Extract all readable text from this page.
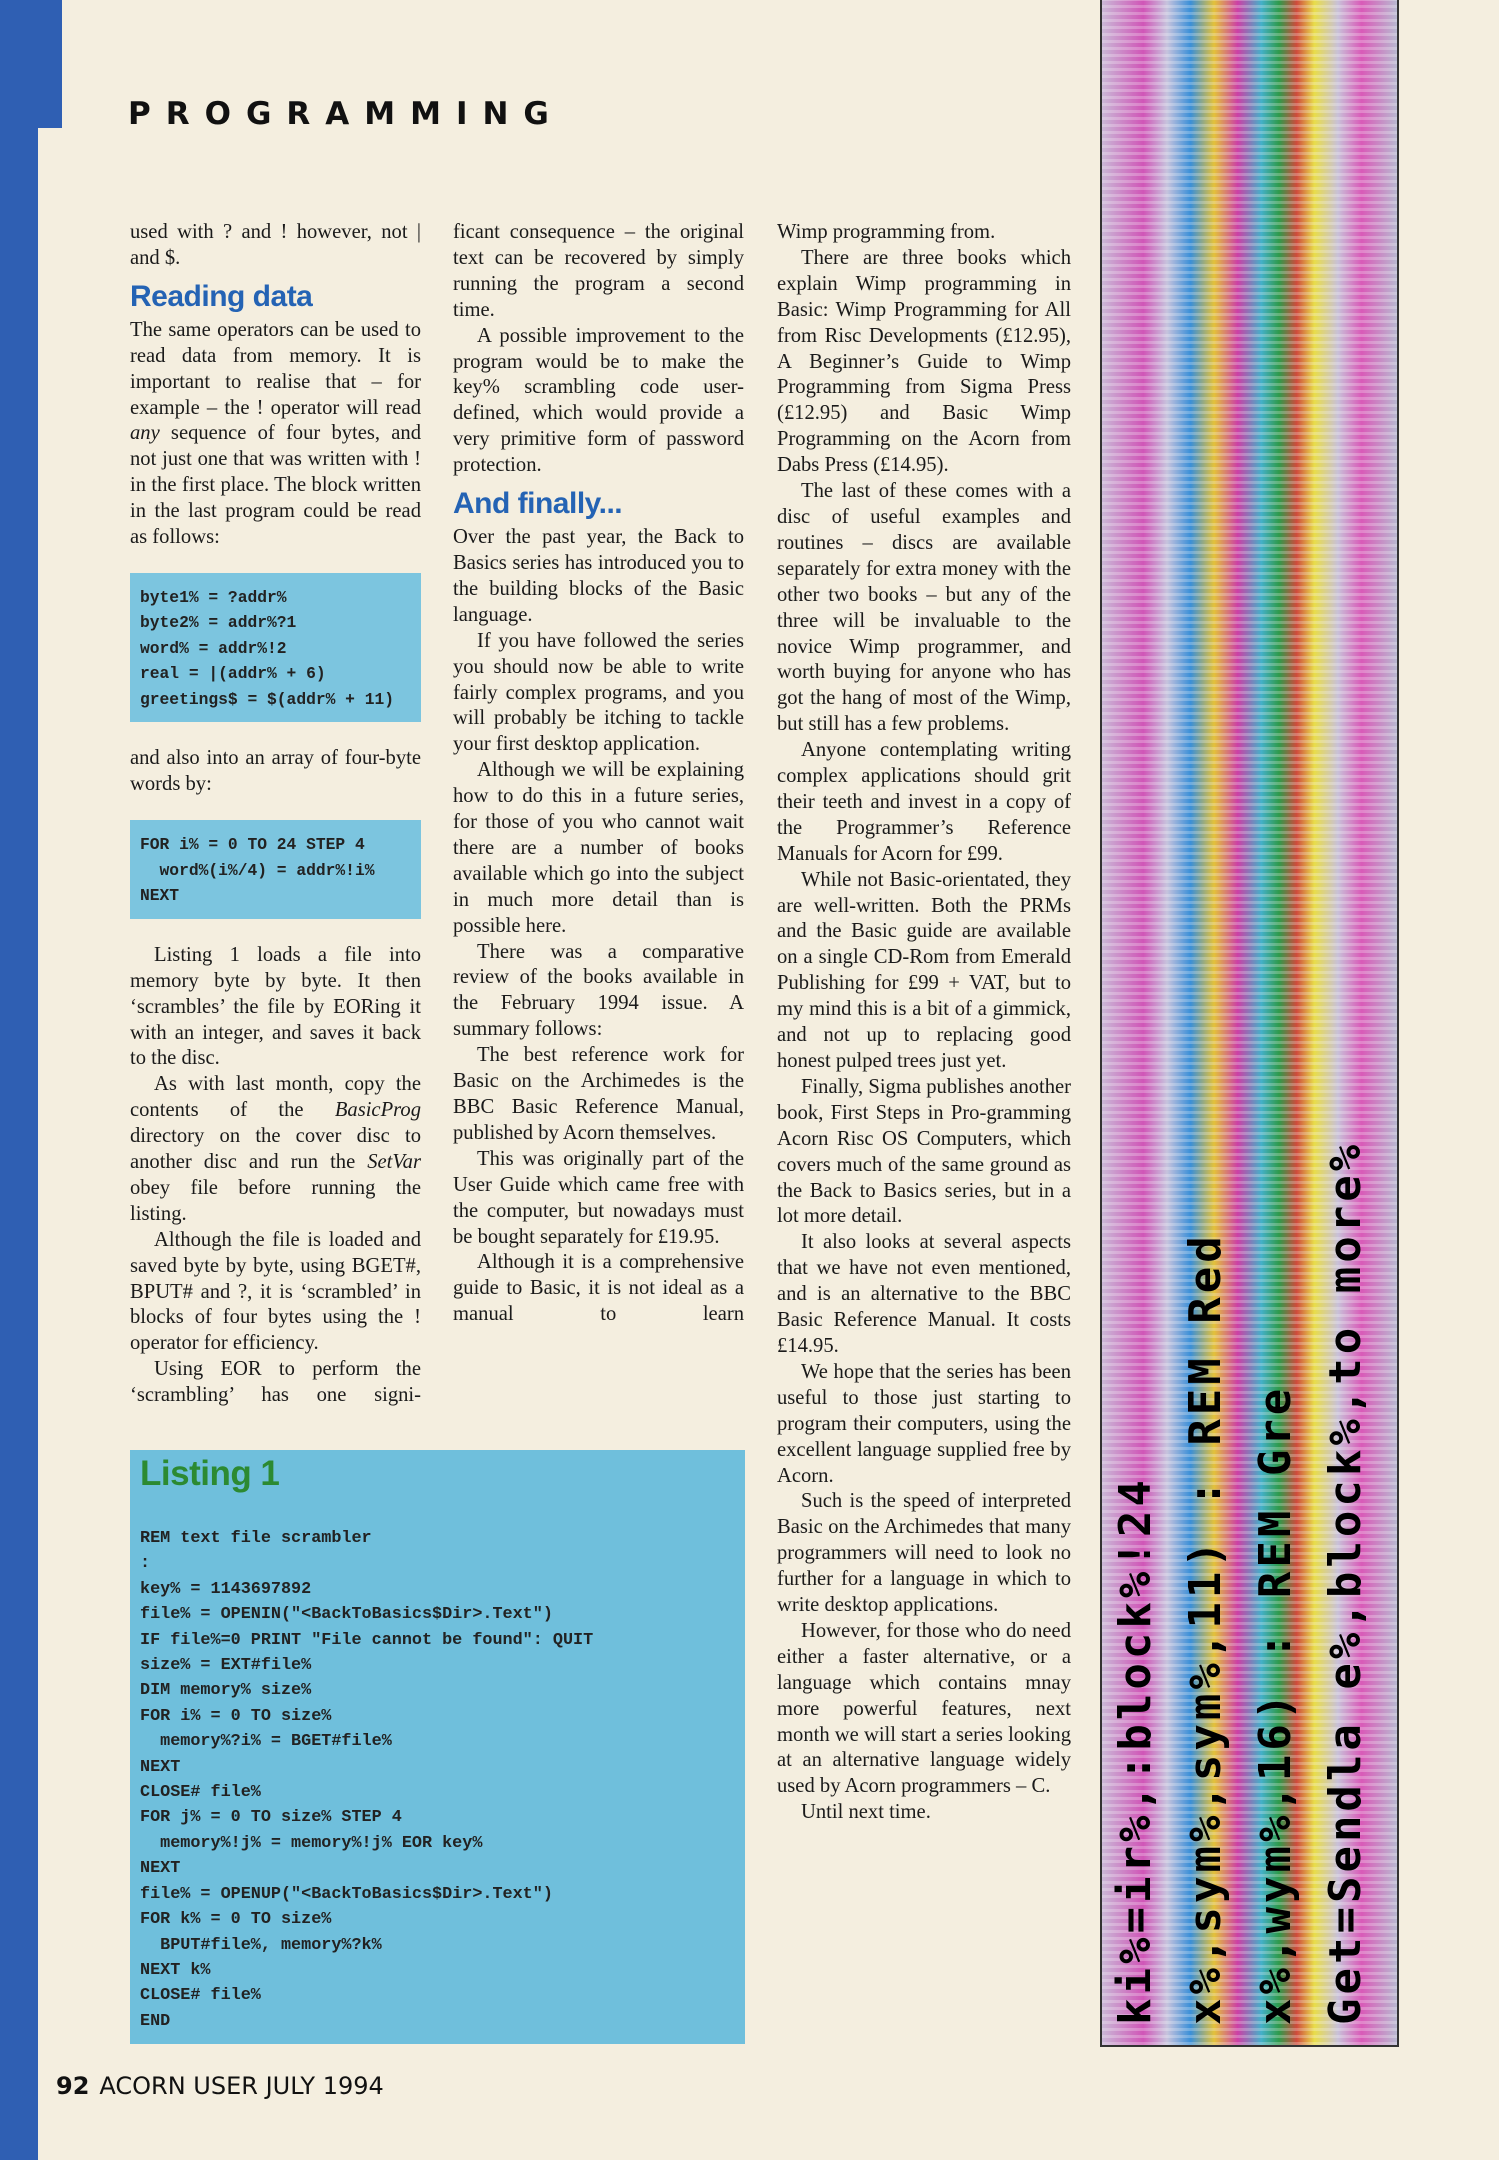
PROGRAMMING

used with ? and ! however, not | and $.

Reading data

The same operators can be used to read data from memory. It is important to realise that – for example – the ! operator will read any sequence of four bytes, and not just one that was written with ! in the first place. The block written in the last program could be read as follows:

byte1% = ?addr%
byte2% = addr%?1
word% = addr%!2
real = |(addr% + 6)
greetings$ = $(addr% + 11)

and also into an array of four-byte words by:

FOR i% = 0 TO 24 STEP 4
word%(i%/4) = addr%!i%
NEXT

Listing 1 loads a file into memory byte by byte. It then ‘scrambles’ the file by EORing it with an integer, and saves it back to the disc.

As with last month, copy the contents of the BasicProg directory on the cover disc to another disc and run the SetVar obey file before running the listing.

Although the file is loaded and saved byte by byte, using BGET#, BPUT# and ?, it is ‘scrambled’ in blocks of four bytes using the ! operator for efficiency.

Using EOR to perform the ‘scrambling’ has one signi-

ficant consequence – the original text can be recovered by simply running the program a second time.

A possible improvement to the program would be to make the key% scrambling code user-defined, which would provide a very primitive form of password protection.

And finally...

Over the past year, the Back to Basics series has introduced you to the building blocks of the Basic language.

If you have followed the series you should now be able to write fairly complex programs, and you will probably be itching to tackle your first desktop application.

Although we will be explaining how to do this in a future series, for those of you who cannot wait there are a number of books available which go into the subject in much more detail than is possible here.

There was a comparative review of the books available in the February 1994 issue. A summary follows:

The best reference work for Basic on the Archimedes is the BBC Basic Reference Manual, published by Acorn themselves.

This was originally part of the User Guide which came free with the computer, but nowadays must be bought separately for £19.95.

Although it is a comprehensive guide to Basic, it is not ideal as a manual to learn

Wimp programming from.

There are three books which explain Wimp programming in Basic: Wimp Programming for All from Risc Developments (£12.95), A Beginner’s Guide to Wimp Programming from Sigma Press (£12.95) and Basic Wimp Programming on the Acorn from Dabs Press (£14.95).

The last of these comes with a disc of useful examples and routines – discs are available separately for extra money with the other two books – but any of the three will be invaluable to the novice Wimp programmer, and worth buying for anyone who has got the hang of most of the Wimp, but still has a few problems.

Anyone contemplating writing complex applications should grit their teeth and invest in a copy of the Programmer’s Reference Manuals for Acorn for £99.

While not Basic-orientated, they are well-written. Both the PRMs and the Basic guide are available on a single CD-Rom from Emerald Publishing for £99 + VAT, but to my mind this is a bit of a gimmick, and not up to replacing good honest pulped trees just yet.

Finally, Sigma publishes another book, First Steps in Pro-gramming Acorn Risc OS Computers, which covers much of the same ground as the Back to Basics series, but in a lot more detail.

It also looks at several aspects that we have not even mentioned, and is an alternative to the BBC Basic Reference Manual. It costs £14.95.

We hope that the series has been useful to those just starting to program their computers, using the excellent language supplied free by Acorn.

Such is the speed of interpreted Basic on the Archimedes that many programmers will need to look no further for a language in which to write desktop applications.

However, for those who do need either a faster alternative, or a language which contains mnay more powerful features, next month we will start a series looking at an alternative language widely used by Acorn programmers – C.

Until next time.

Listing 1
REM text file scrambler
:
key% = 1143697892
file% = OPENIN("<BackToBasics$Dir>.Text")
IF file%=0 PRINT "File cannot be found": QUIT
size% = EXT#file%
DIM memory% size%
FOR i% = 0 TO size%
memory%?i% = BGET#file%
NEXT
CLOSE# file%
FOR j% = 0 TO size% STEP 4
memory%!j% = memory%!j% EOR key%
NEXT
file% = OPENUP("<BackToBasics$Dir>.Text")
FOR k% = 0 TO size%
BPUT#file%, memory%?k%
NEXT k%
CLOSE# file%
END	ki%=ir%,:block%!24 x%,sym%,sym%,11) : REM Red x%,wym%,16) : REM Gre Get=Sendla e%,block%,to more%
92 ACORN USER JULY 1994
